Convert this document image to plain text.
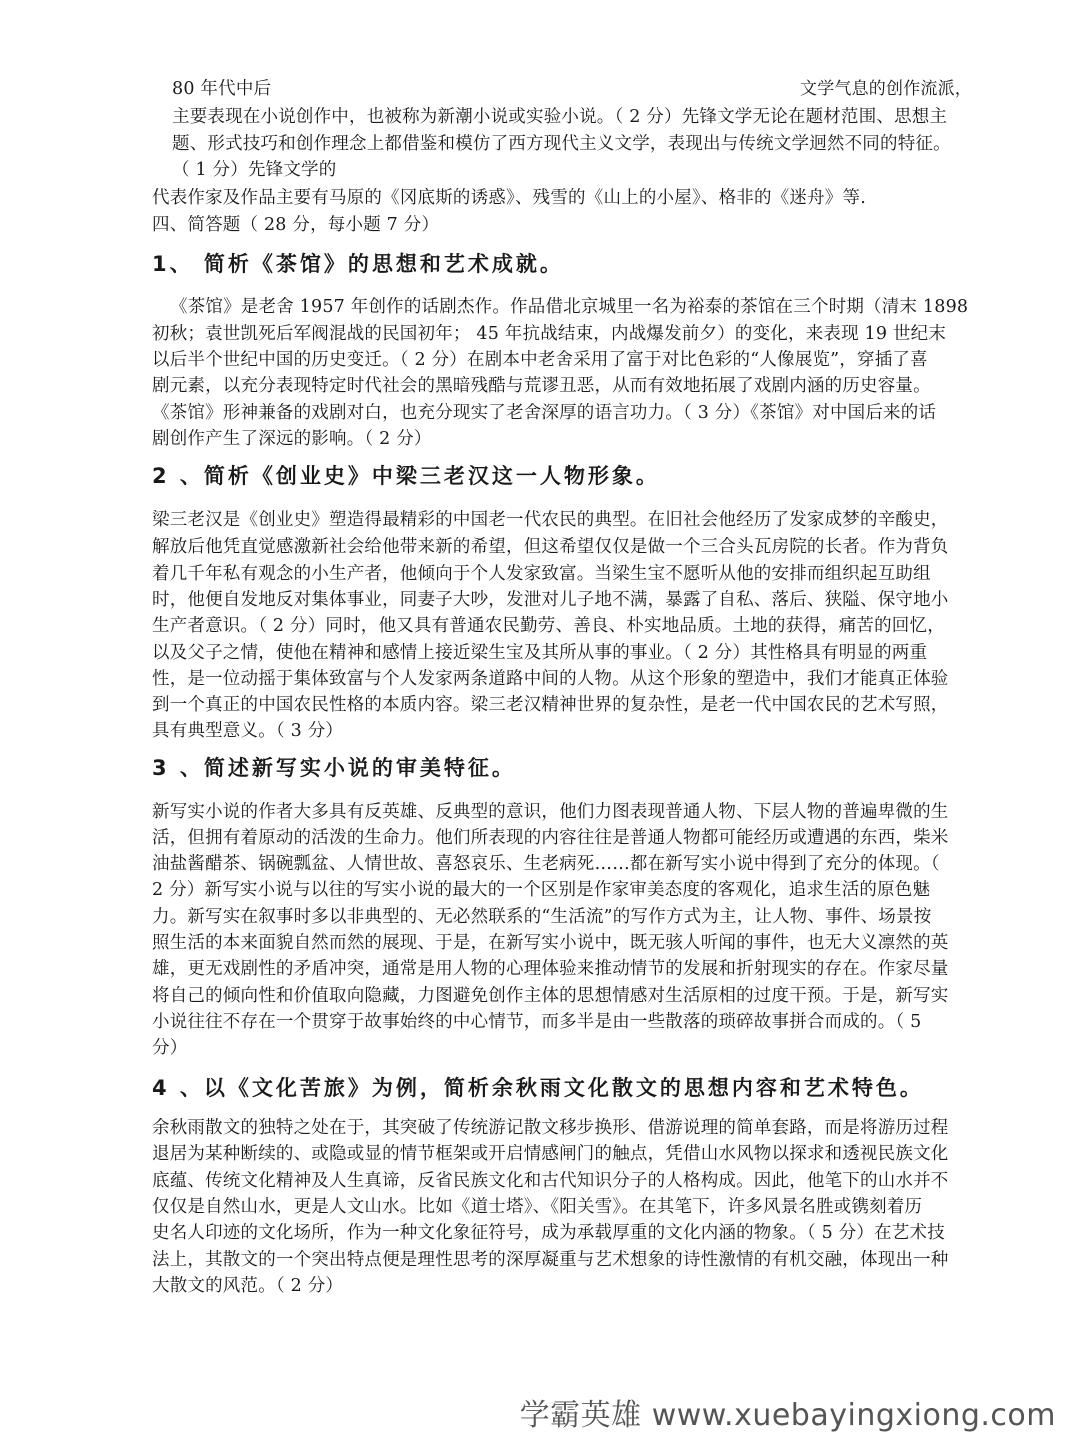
80 年代中后	文学气息的创作流派，
主要表现在小说创作中，也被称为新潮小说或实验小说。（ 2 分）先锋文学无论在题材范围、思想主
题、形式技巧和创作理念上都借鉴和模仿了西方现代主义文学，表现出与传统文学迥然不同的特征。
（ 1 分）先锋文学的
代表作家及作品主要有马原的《冈底斯的诱惑》、残雪的《山上的小屋》、格非的《迷舟》等.
四、简答题（ 28 分，每小题 7 分）
1、 简析《茶馆》的思想和艺术成就。
《茶馆》是老舍 1957 年创作的话剧杰作。作品借北京城里一名为裕泰的茶馆在三个时期（清末 1898
初秋；袁世凯死后军阀混战的民国初年； 45 年抗战结束，内战爆发前夕）的变化，来表现 19 世纪末
以后半个世纪中国的历史变迁。（ 2 分）在剧本中老舍采用了富于对比色彩的“人像展览”，穿插了喜
剧元素，以充分表现特定时代社会的黑暗残酷与荒谬丑恶，从而有效地拓展了戏剧内涵的历史容量。
《茶馆》形神兼备的戏剧对白，也充分现实了老舍深厚的语言功力。（ 3 分）《茶馆》对中国后来的话
剧创作产生了深远的影响。（ 2 分）
2 、简析《创业史》中梁三老汉这一人物形象。
梁三老汉是《创业史》塑造得最精彩的中国老一代农民的典型。在旧社会他经历了发家成梦的辛酸史，
解放后他凭直觉感激新社会给他带来新的希望，但这希望仅仅是做一个三合头瓦房院的长者。作为背负
着几千年私有观念的小生产者，他倾向于个人发家致富。当梁生宝不愿听从他的安排而组织起互助组
时，他便自发地反对集体事业，同妻子大吵，发泄对儿子地不满，暴露了自私、落后、狭隘、保守地小
生产者意识。（ 2 分）同时，他又具有普通农民勤劳、善良、朴实地品质。土地的获得，痛苦的回忆，
以及父子之情，使他在精神和感情上接近梁生宝及其所从事的事业。（ 2 分）其性格具有明显的两重
性，是一位动摇于集体致富与个人发家两条道路中间的人物。从这个形象的塑造中，我们才能真正体验
到一个真正的中国农民性格的本质内容。梁三老汉精神世界的复杂性，是老一代中国农民的艺术写照，
具有典型意义。（ 3 分）
3 、简述新写实小说的审美特征。
新写实小说的作者大多具有反英雄、反典型的意识，他们力图表现普通人物、下层人物的普遍卑微的生
活，但拥有着原动的活泼的生命力。他们所表现的内容往往是普通人物都可能经历或遭遇的东西，柴米
油盐酱醋茶、锅碗瓢盆、人情世故、喜怒哀乐、生老病死……都在新写实小说中得到了充分的体现。（
2 分）新写实小说与以往的写实小说的最大的一个区别是作家审美态度的客观化，追求生活的原色魅
力。新写实在叙事时多以非典型的、无必然联系的“生活流”的写作方式为主，让人物、事件、场景按
照生活的本来面貌自然而然的展现、于是，在新写实小说中，既无骇人听闻的事件，也无大义凛然的英
雄，更无戏剧性的矛盾冲突，通常是用人物的心理体验来推动情节的发展和折射现实的存在。作家尽量
将自己的倾向性和价值取向隐藏，力图避免创作主体的思想情感对生活原相的过度干预。于是，新写实
小说往往不存在一个贯穿于故事始终的中心情节，而多半是由一些散落的琐碎故事拼合而成的。（ 5
分）
4 、以《文化苦旅》为例，简析余秋雨文化散文的思想内容和艺术特色。
余秋雨散文的独特之处在于，其突破了传统游记散文移步换形、借游说理的简单套路，而是将游历过程
退居为某种断续的、或隐或显的情节框架或开启情感闸门的触点，凭借山水风物以探求和透视民族文化
底蕴、传统文化精神及人生真谛，反省民族文化和古代知识分子的人格构成。因此，他笔下的山水并不
仅仅是自然山水，更是人文山水。比如《道士塔》、《阳关雪》。在其笔下，许多风景名胜或镌刻着历
史名人印迹的文化场所，作为一种文化象征符号，成为承载厚重的文化内涵的物象。（ 5 分）在艺术技
法上，其散文的一个突出特点便是理性思考的深厚凝重与艺术想象的诗性激情的有机交融，体现出一种
大散文的风范。（ 2 分）
学霸英雄 www.xuebayingxiong.com
